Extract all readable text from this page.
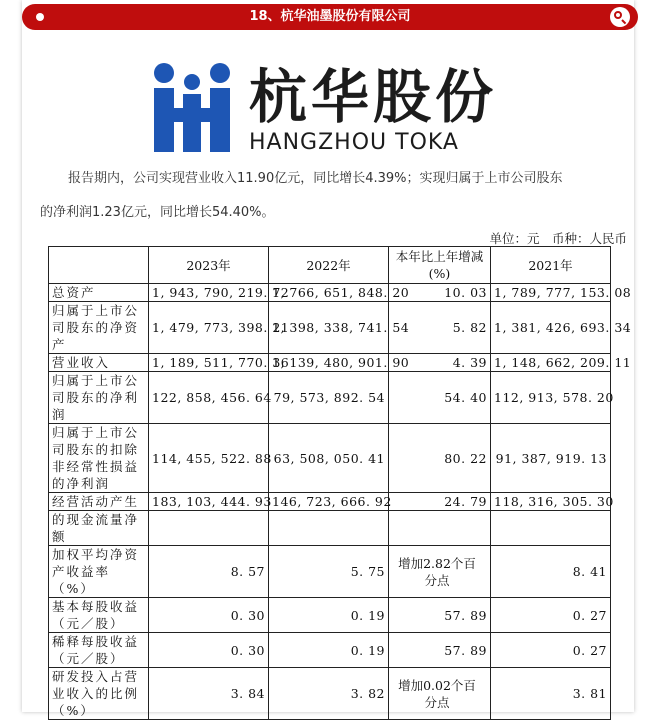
18、杭华油墨股份有限公司
杭华股份
HANGZHOU TOKA
报告期内，公司实现营业收入11.90亿元，同比增长4.39%；实现归属于上市公司股东
的净利润1.23亿元，同比增长54.40%。
单位：元　币种：人民币
	2023年	2022年	本年比上年增减(%)	2021年
总资产	1, 943, 790, 219. 72	1, 766, 651, 848. 20	10. 03	1, 789, 777, 153. 08
归属于上市公司股东的净资产	1, 479, 773, 398. 21	1, 398, 338, 741. 54	5. 82	1, 381, 426, 693. 34
营业收入	1, 189, 511, 770. 36	1, 139, 480, 901. 90	4. 39	1, 148, 662, 209. 11
归属于上市公司股东的净利润	122, 858, 456. 64	79, 573, 892. 54	54. 40	112, 913, 578. 20
归属于上市公司股东的扣除非经常性损益的净利润	114, 455, 522. 88	63, 508, 050. 41	80. 22	91, 387, 919. 13
经营活动产生	183, 103, 444. 93	146, 723, 666. 92	24. 79	118, 316, 305. 30
的现金流量净额				
加权平均净资产收益率（%）	8. 57	5. 75	增加2.82个百分点	8. 41
基本每股收益（元／股）	0. 30	0. 19	57. 89	0. 27
稀释每股收益（元／股）	0. 30	0. 19	57. 89	0. 27
研发投入占营业收入的比例（%）	3. 84	3. 82	增加0.02个百分点	3. 81
